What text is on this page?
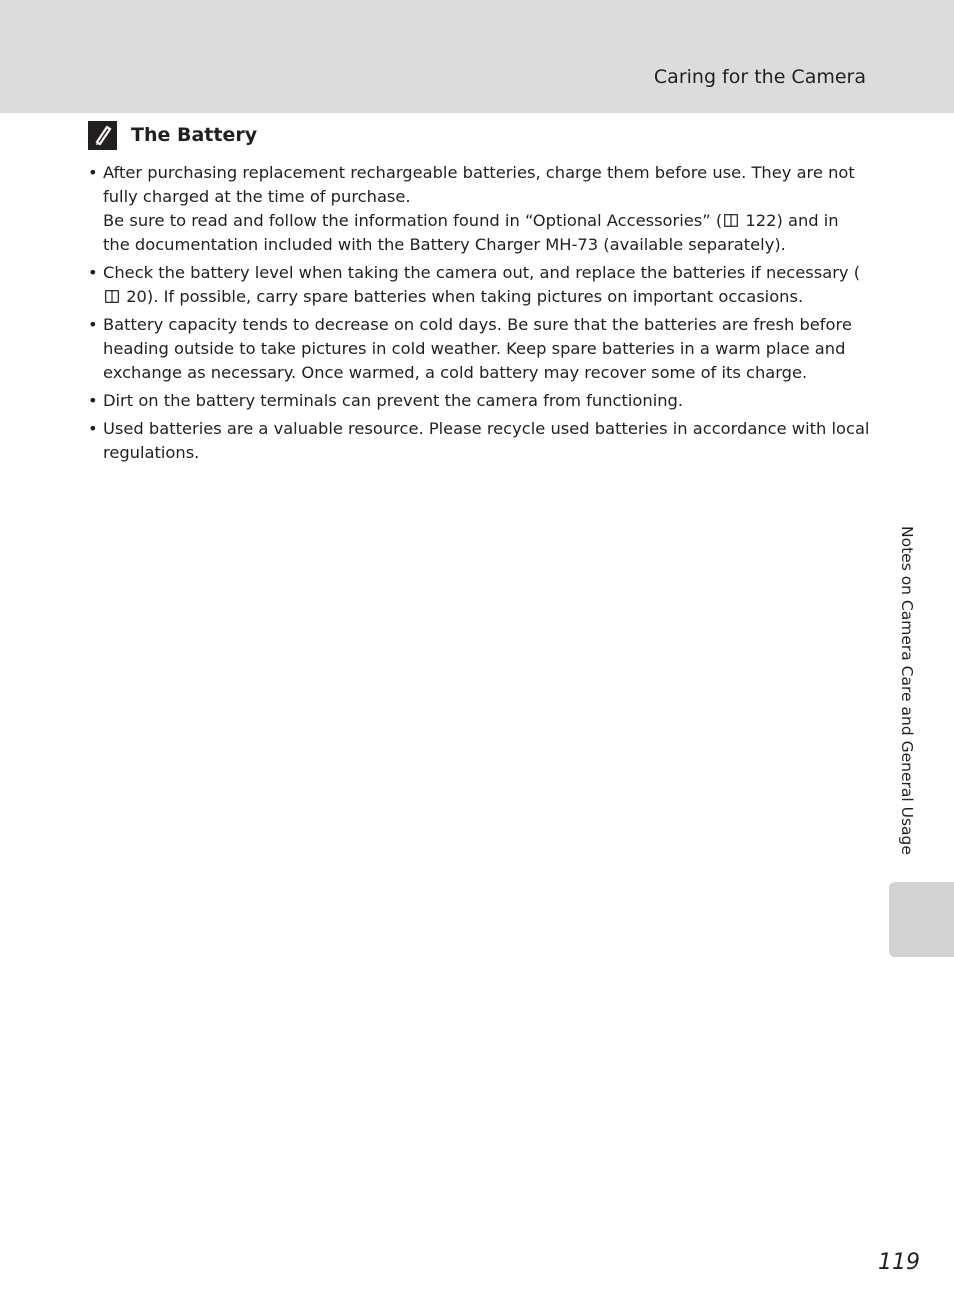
Caring for the Camera
The Battery
• After purchasing replacement rechargeable batteries, charge them before use. They are not fully charged at the time of purchase.

Be sure to read and follow the information found in “Optional Accessories” ( 122) and in the documentation included with the Battery Charger MH-73 (available separately).

• Check the battery level when taking the camera out, and replace the batteries if necessary ( 20). If possible, carry spare batteries when taking pictures on important occasions.

• Battery capacity tends to decrease on cold days. Be sure that the batteries are fresh before heading outside to take pictures in cold weather. Keep spare batteries in a warm place and exchange as necessary. Once warmed, a cold battery may recover some of its charge.

• Dirt on the battery terminals can prevent the camera from functioning.

• Used batteries are a valuable resource. Please recycle used batteries in accordance with local regulations.

Notes on Camera Care and General Usage
119
